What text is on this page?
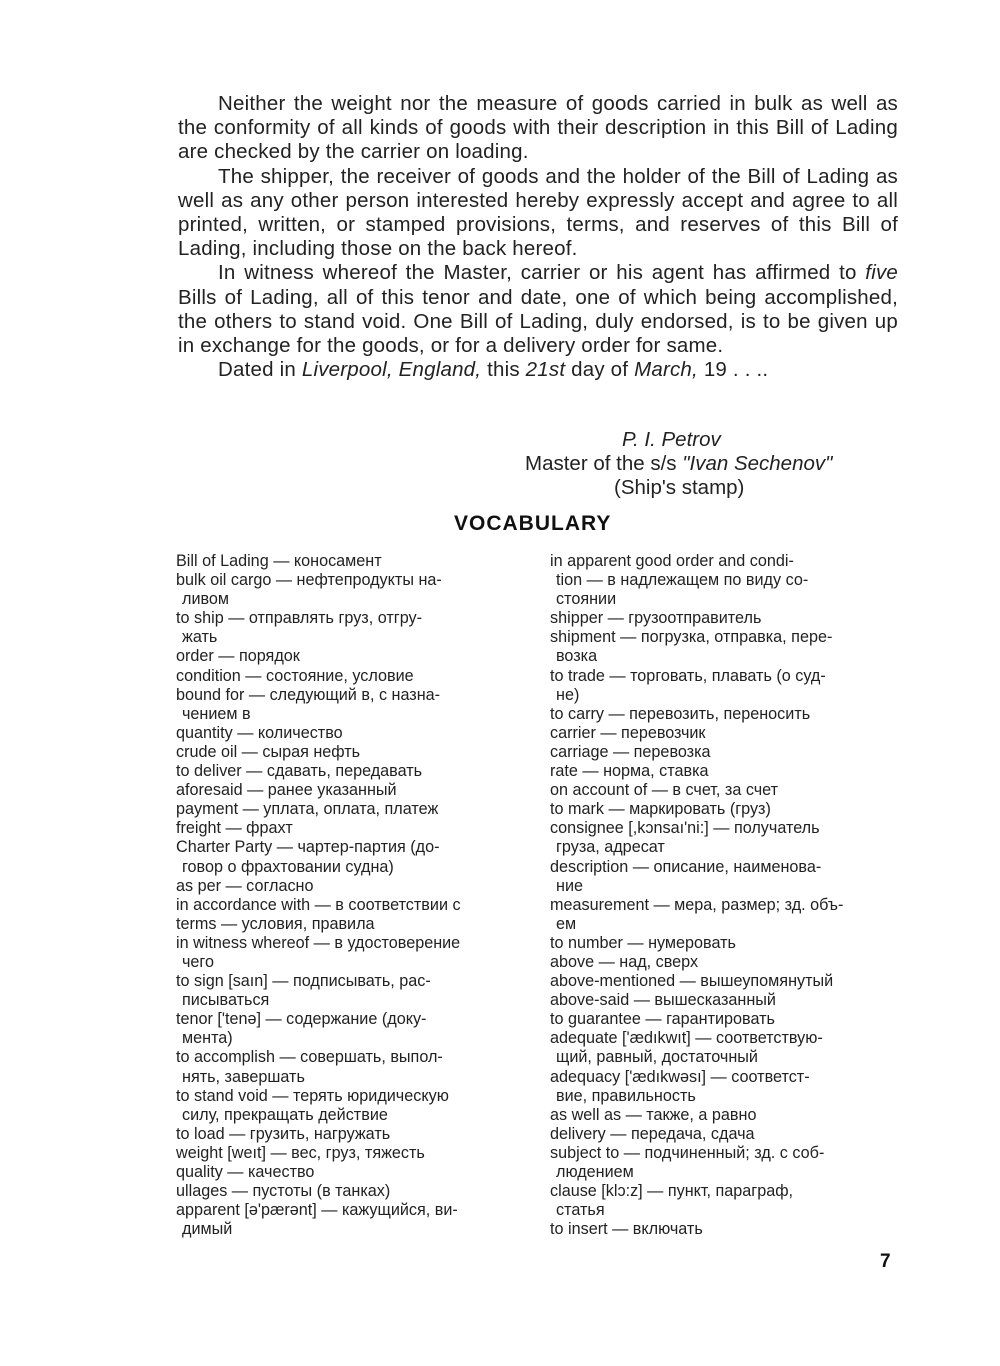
Neither the weight nor the measure of goods carried in bulk as well as the conformity of all kinds of goods with their description in this Bill of Lading are checked by the carrier on loading.

The shipper, the receiver of goods and the holder of the Bill of Lading as well as any other person interested hereby expressly accept and agree to all printed, written, or stamped provisions, terms, and reserves of this Bill of Lading, including those on the back hereof.

In witness whereof the Master, carrier or his agent has affirmed to five Bills of Lading, all of this tenor and date, one of which being accomplished, the others to stand void. One Bill of Lading, duly endorsed, is to be given up in exchange for the goods, or for a delivery order for same.

Dated in Liverpool, England, this 21st day of March, 19 . . ..

P. I. Petrov
Master of the s/s "Ivan Sechenov"
(Ship's stamp)
VOCABULARY
Bill of Lading — коносамент
bulk oil cargo — нефтепродукты на-
ливом
to ship — отправлять груз, отгру-
жать
order — порядок
condition — состояние, условие
bound for — следующий в, с назна-
чением в
quantity — количество
crude oil — сырая нефть
to deliver — сдавать, передавать
aforesaid — ранее указанный
payment — уплата, оплата, платеж
freight — фрахт
Charter Party — чартер-партия (до-
говор о фрахтовании судна)
as per — согласно
in accordance with — в соответствии с
terms — условия, правила
in witness whereof — в удостоверение
чего
to sign [saın] — подписывать, рас-
писываться
tenor ['tenə] — содержание (доку-
мента)
to accomplish — совершать, выпол-
нять, завершать
to stand void — терять юридическую
силу, прекращать действие
to load — грузить, нагружать
weight [weıt] — вес, груз, тяжесть
quality — качество
ullages — пустоты (в танках)
apparent [ə'pærənt] — кажущийся, ви-
димый
in apparent good order and condi-
tion — в надлежащем по виду со-
стоянии
shipper — грузоотправитель
shipment — погрузка, отправка, пере-
возка
to trade — торговать, плавать (о суд-
не)
to carry — перевозить, переносить
carrier — перевозчик
carriage — перевозка
rate — норма, ставка
on account of — в счет, за счет
to mark — маркировать (груз)
consignee [,kɔnsaı'ni:] — получатель
груза, адресат
description — описание, наименова-
ние
measurement — мера, размер; зд. объ-
ем
to number — нумеровать
above — над, сверх
above-mentioned — вышеупомянутый
above-said — вышесказанный
to guarantee — гарантировать
adequate ['ædıkwıt] — соответствую-
щий, равный, достаточный
adequacy ['ædıkwəsı] — соответст-
вие, правильность
as well as — также, а равно
delivery — передача, сдача
subject to — подчиненный; зд. с соб-
людением
clause [klɔ:z] — пункт, параграф,
статья
to insert — включать
7
